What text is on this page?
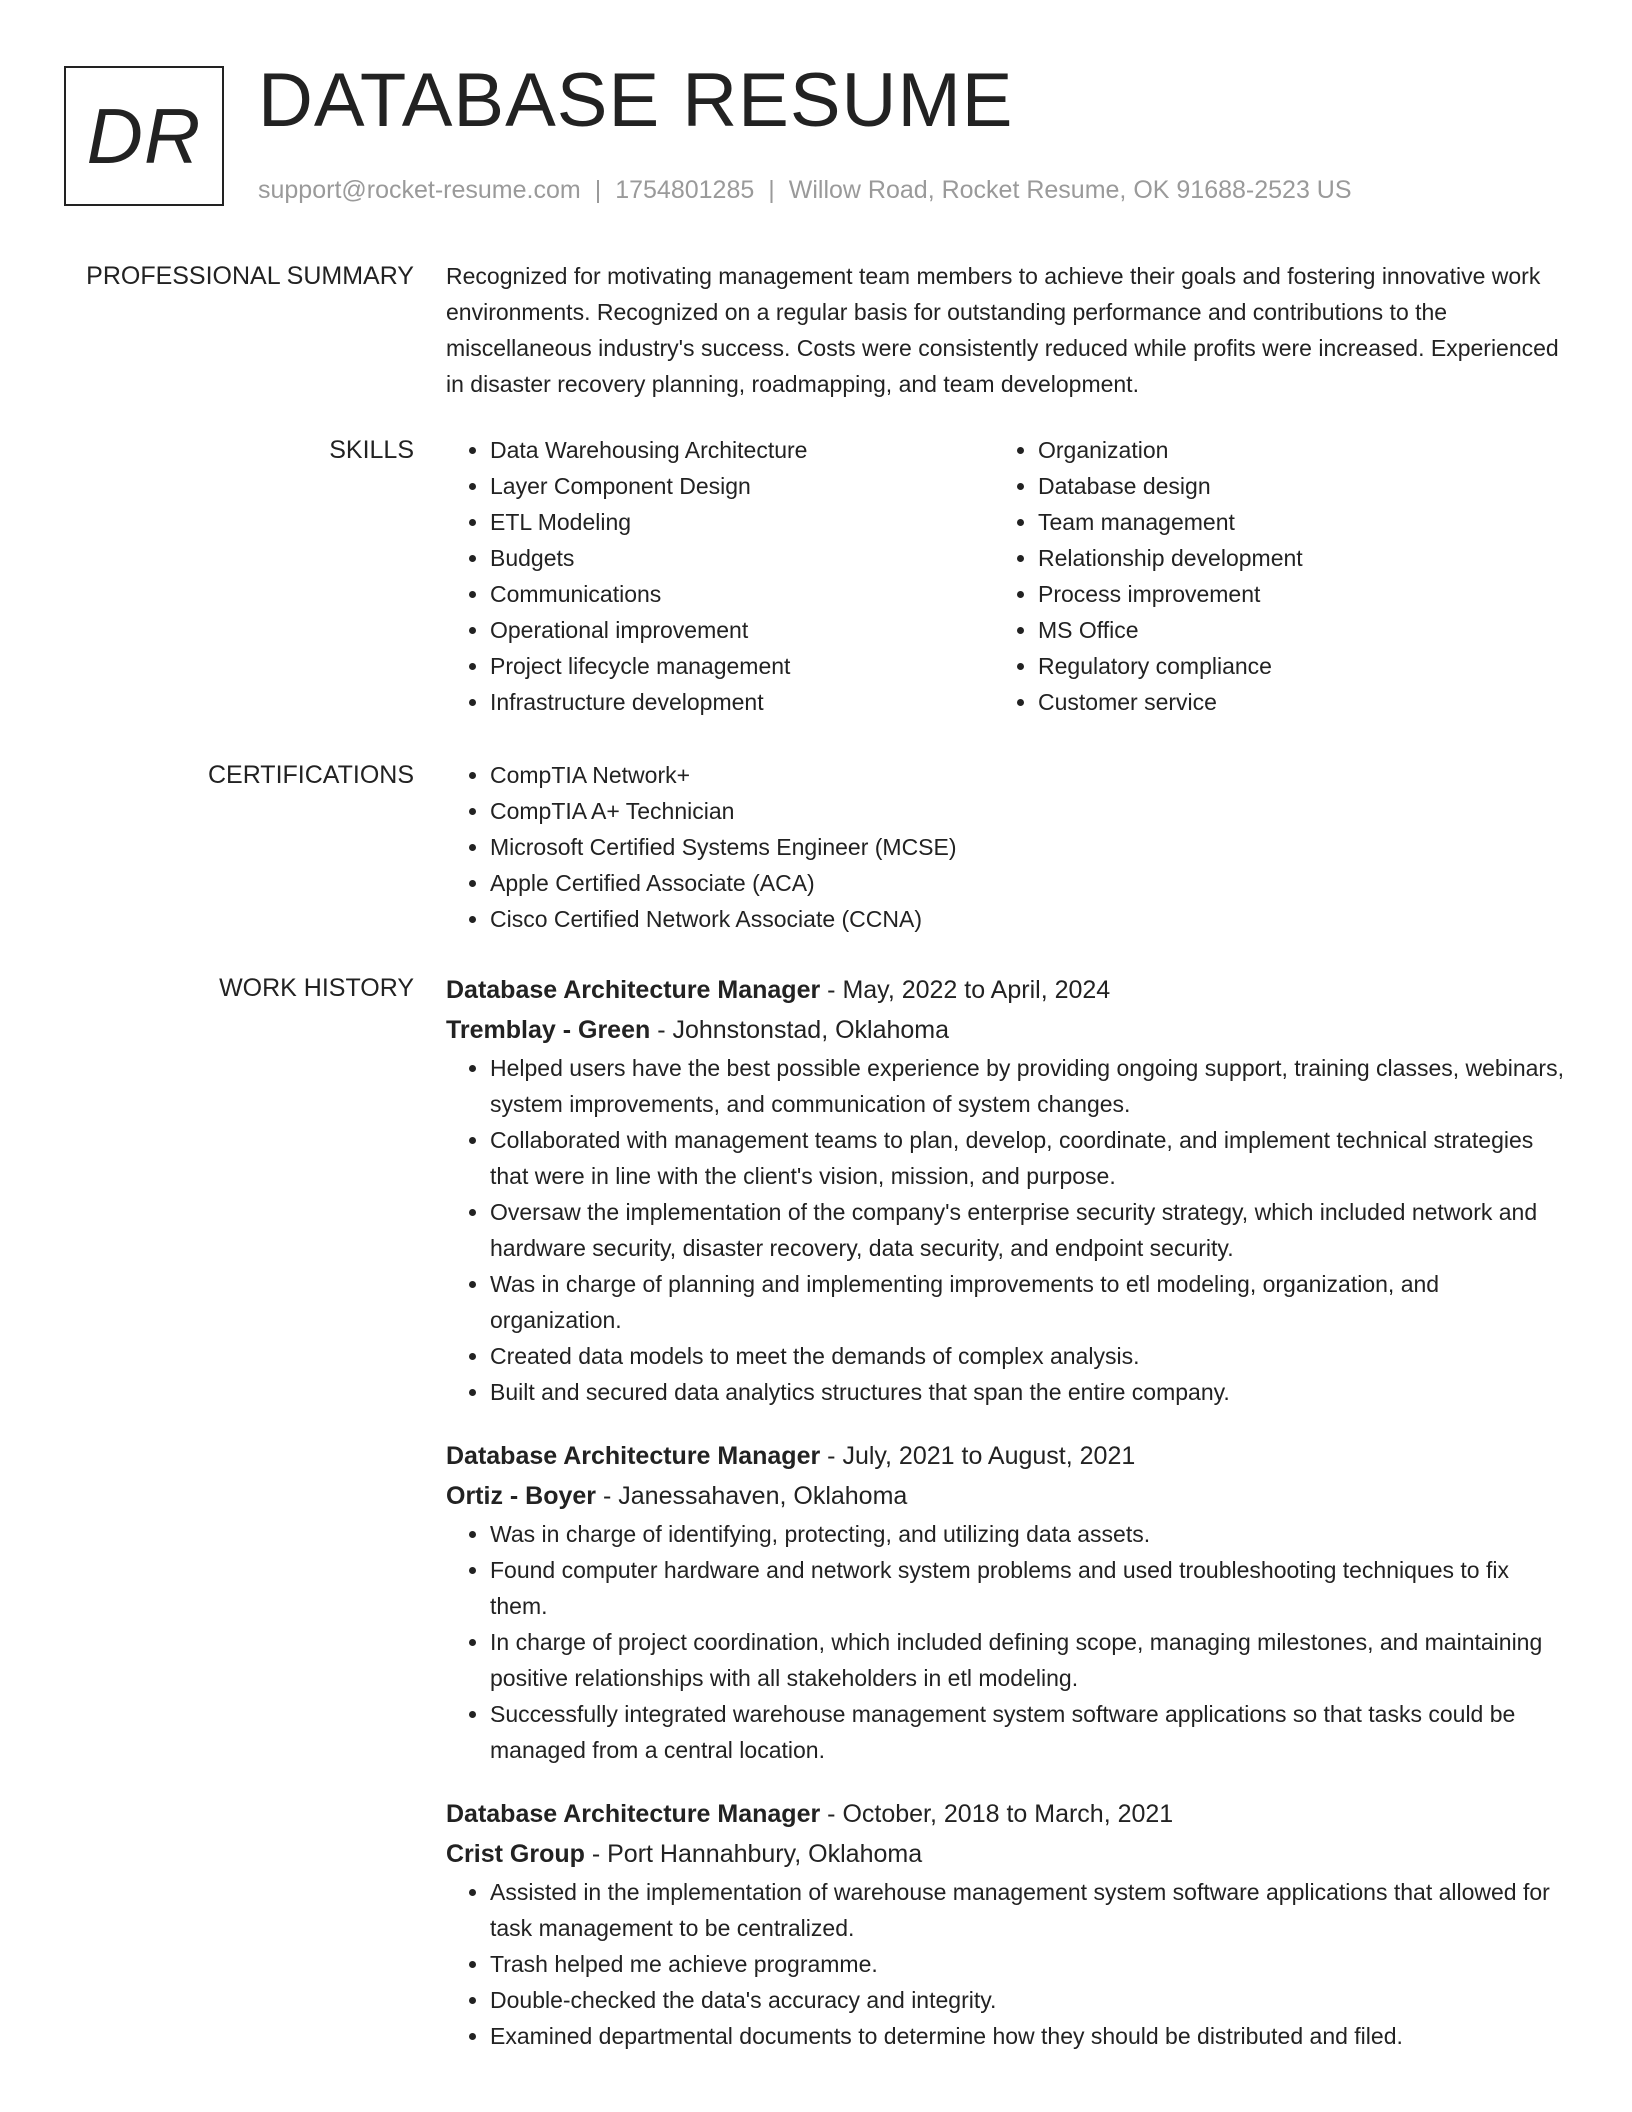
DR DATABASE RESUME
support@rocket-resume.com | 1754801285 | Willow Road, Rocket Resume, OK 91688-2523 US
PROFESSIONAL SUMMARY Recognized for motivating management team members to achieve their goals and fostering innovative work environments. Recognized on a regular basis for outstanding performance and contributions to the miscellaneous industry's success. Costs were consistently reduced while profits were increased. Experienced in disaster recovery planning, roadmapping, and team development.

SKILLS	• Data Warehousing Architecture
• Layer Component Design
• ETL Modeling
• Budgets
• Communications
• Operational improvement
• Project lifecycle management
• Infrastructure development
• Organization
• Database design
• Team management
• Relationship development
• Process improvement
• MS Office
• Regulatory compliance
• Customer service
CERTIFICATIONS	• CompTIA Network+
• CompTIA A+ Technician
• Microsoft Certified Systems Engineer (MCSE)
• Apple Certified Associate (ACA)
• Cisco Certified Network Associate (CCNA)
WORK HISTORY Database Architecture Manager - May, 2022 to April, 2024
Tremblay - Green - Johnstonstad, Oklahoma
• Helped users have the best possible experience by providing ongoing support, training classes, webinars, system improvements, and communication of system changes.
• Collaborated with management teams to plan, develop, coordinate, and implement technical strategies that were in line with the client's vision, mission, and purpose.
• Oversaw the implementation of the company's enterprise security strategy, which included network and hardware security, disaster recovery, data security, and endpoint security.
• Was in charge of planning and implementing improvements to etl modeling, organization, and organization.
• Created data models to meet the demands of complex analysis.
• Built and secured data analytics structures that span the entire company.
Database Architecture Manager - July, 2021 to August, 2021
Ortiz - Boyer - Janessahaven, Oklahoma
• Was in charge of identifying, protecting, and utilizing data assets.
• Found computer hardware and network system problems and used troubleshooting techniques to fix them.
• In charge of project coordination, which included defining scope, managing milestones, and maintaining positive relationships with all stakeholders in etl modeling.
• Successfully integrated warehouse management system software applications so that tasks could be managed from a central location.
Database Architecture Manager - October, 2018 to March, 2021
Crist Group - Port Hannahbury, Oklahoma
• Assisted in the implementation of warehouse management system software applications that allowed for task management to be centralized.
• Trash helped me achieve programme.
• Double-checked the data's accuracy and integrity.
• Examined departmental documents to determine how they should be distributed and filed.
